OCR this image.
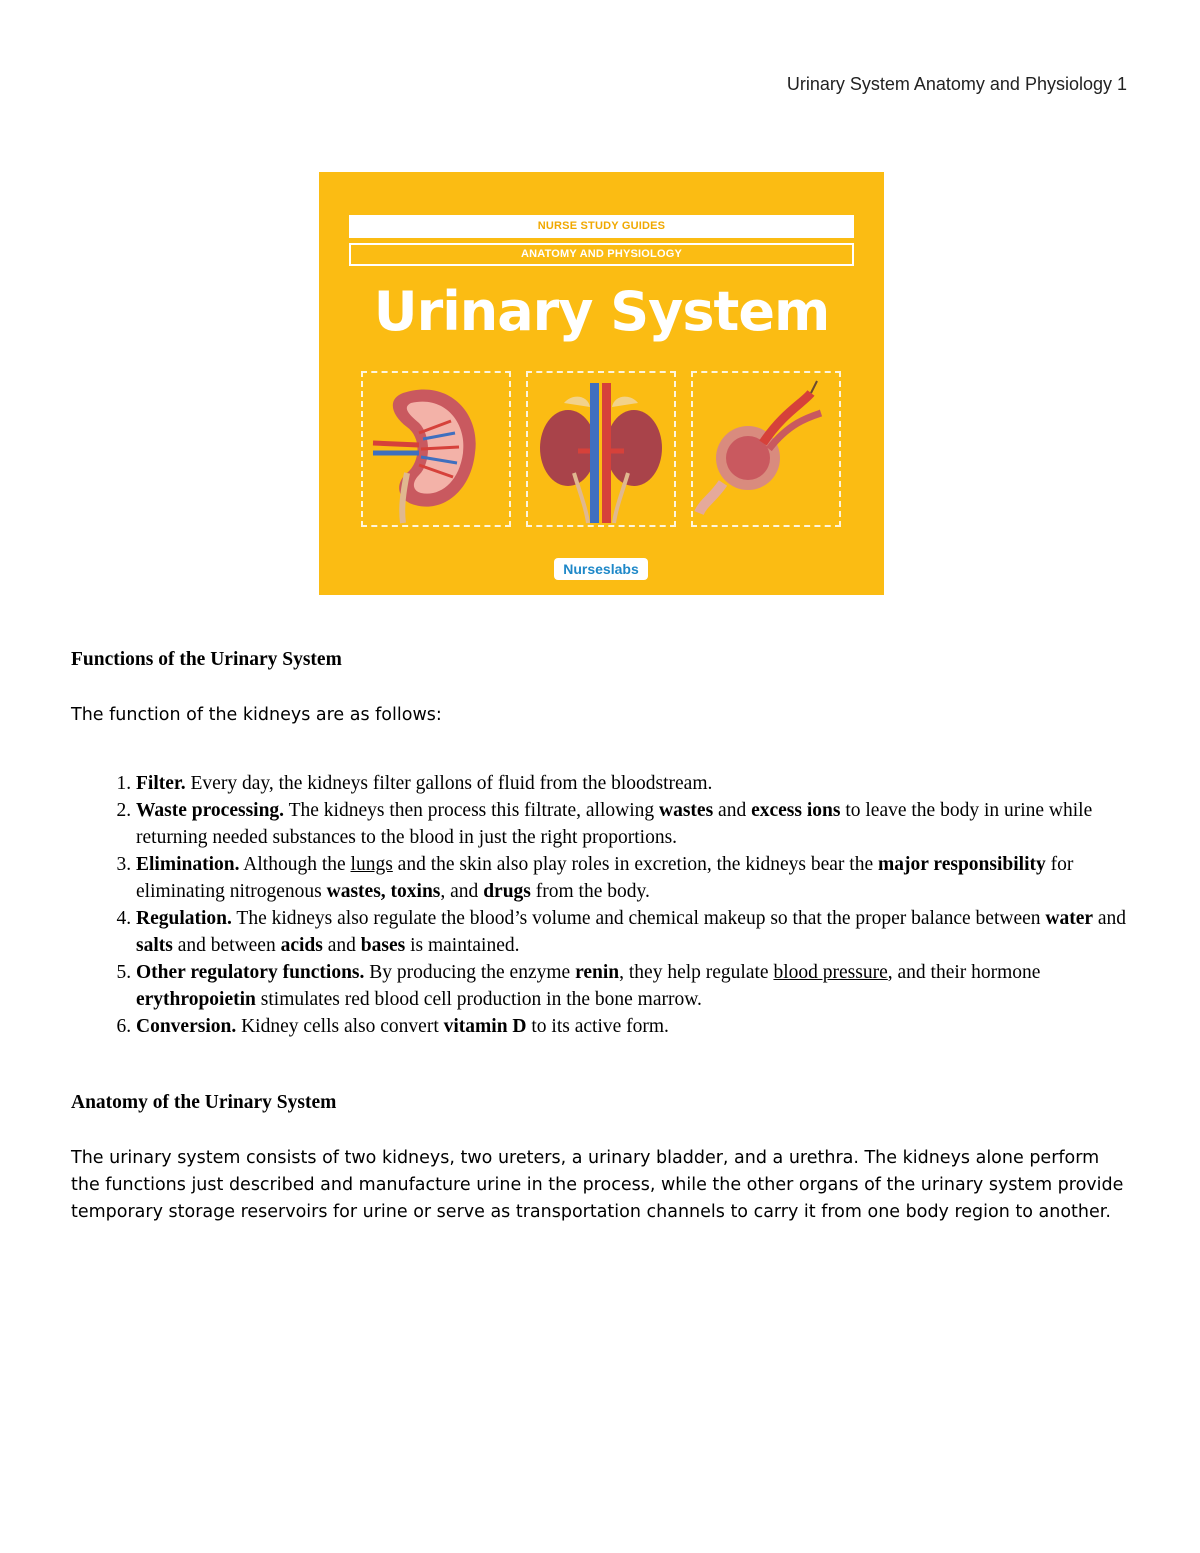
Urinary System Anatomy and Physiology 1
NURSE STUDY GUIDES
ANATOMY AND PHYSIOLOGY
Urinary System
Nurseslabs
Functions of the Urinary System

The function of the kidneys are as follows:

1. Filter. Every day, the kidneys filter gallons of fluid from the bloodstream.
2. Waste processing. The kidneys then process this filtrate, allowing wastes and excess ions to leave the body in urine while returning needed substances to the blood in just the right proportions.
3. Elimination. Although the lungs and the skin also play roles in excretion, the kidneys bear the major responsibility for eliminating nitrogenous wastes, toxins, and drugs from the body.
4. Regulation. The kidneys also regulate the blood’s volume and chemical makeup so that the proper balance between water and salts and between acids and bases is maintained.
5. Other regulatory functions. By producing the enzyme renin, they help regulate blood pressure, and their hormone erythropoietin stimulates red blood cell production in the bone marrow.
6. Conversion. Kidney cells also convert vitamin D to its active form.
Anatomy of the Urinary System

The urinary system consists of two kidneys, two ureters, a urinary bladder, and a urethra. The kidneys alone perform the functions just described and manufacture urine in the process, while the other organs of the urinary system provide temporary storage reservoirs for urine or serve as transportation channels to carry it from one body region to another.
